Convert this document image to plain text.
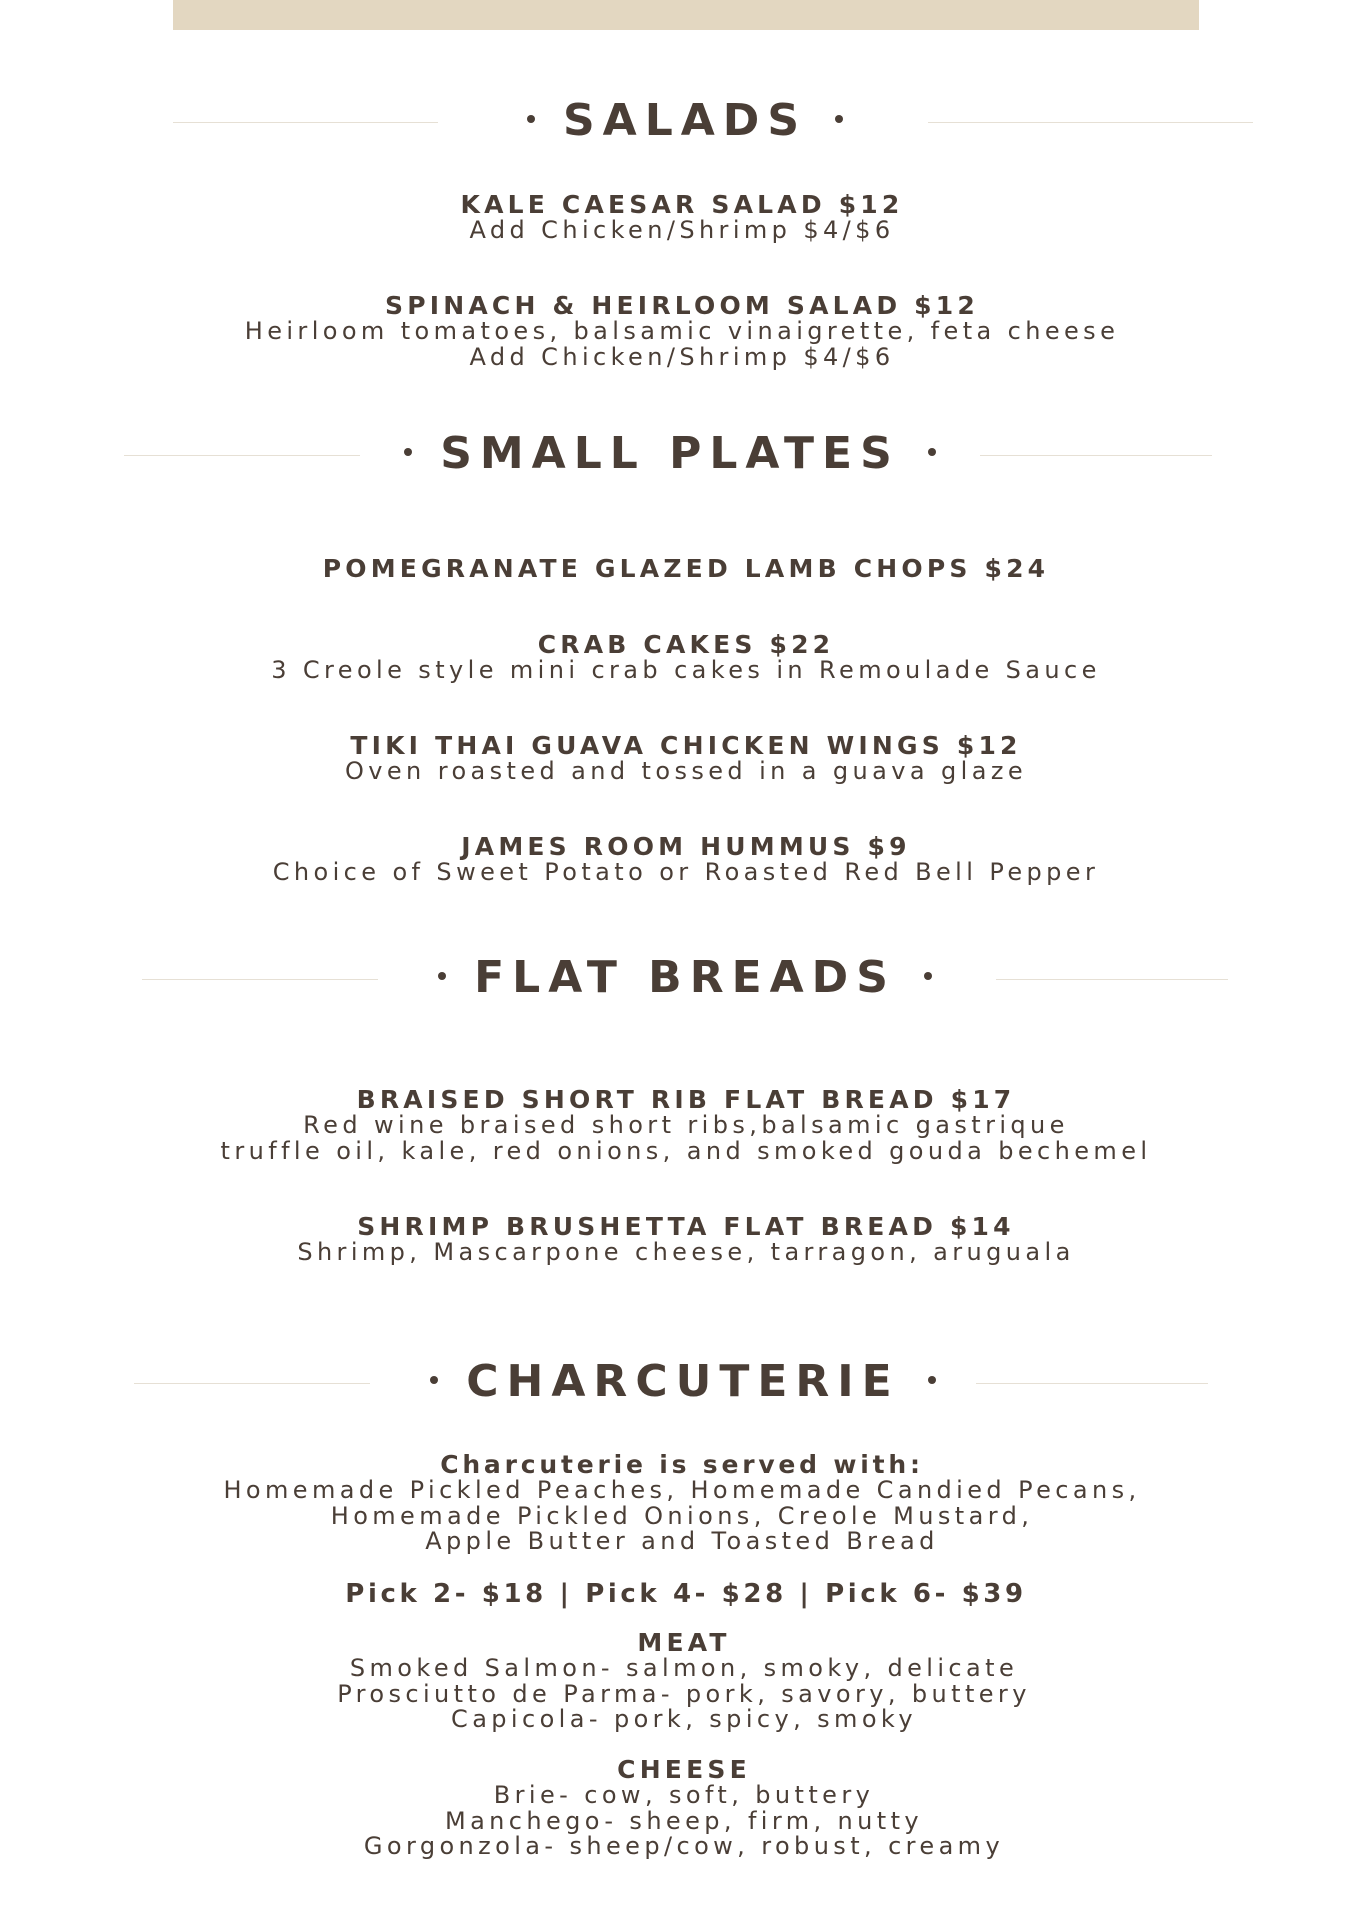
SALADS
KALE CAESAR SALAD $12
Add Chicken/Shrimp $4/$6
SPINACH & HEIRLOOM SALAD $12
Heirloom tomatoes, balsamic vinaigrette, feta cheese
Add Chicken/Shrimp $4/$6
SMALL PLATES
POMEGRANATE GLAZED LAMB CHOPS $24
CRAB CAKES $22
3 Creole style mini crab cakes in Remoulade Sauce
TIKI THAI GUAVA CHICKEN WINGS $12
Oven roasted and tossed in a guava glaze
JAMES ROOM HUMMUS $9
Choice of Sweet Potato or Roasted Red Bell Pepper
FLAT BREADS
BRAISED SHORT RIB FLAT BREAD $17
Red wine braised short ribs,balsamic gastrique
truffle oil, kale, red onions, and smoked gouda bechemel
SHRIMP BRUSHETTA FLAT BREAD $14
Shrimp, Mascarpone cheese, tarragon, aruguala
CHARCUTERIE
Charcuterie is served with:
Homemade Pickled Peaches, Homemade Candied Pecans,
Homemade Pickled Onions, Creole Mustard,
Apple Butter and Toasted Bread
Pick 2- $18 | Pick 4- $28 | Pick 6- $39
MEAT
Smoked Salmon- salmon, smoky, delicate
Prosciutto de Parma- pork, savory, buttery
Capicola- pork, spicy, smoky
CHEESE
Brie- cow, soft, buttery
Manchego- sheep, firm, nutty
Gorgonzola- sheep/cow, robust, creamy
